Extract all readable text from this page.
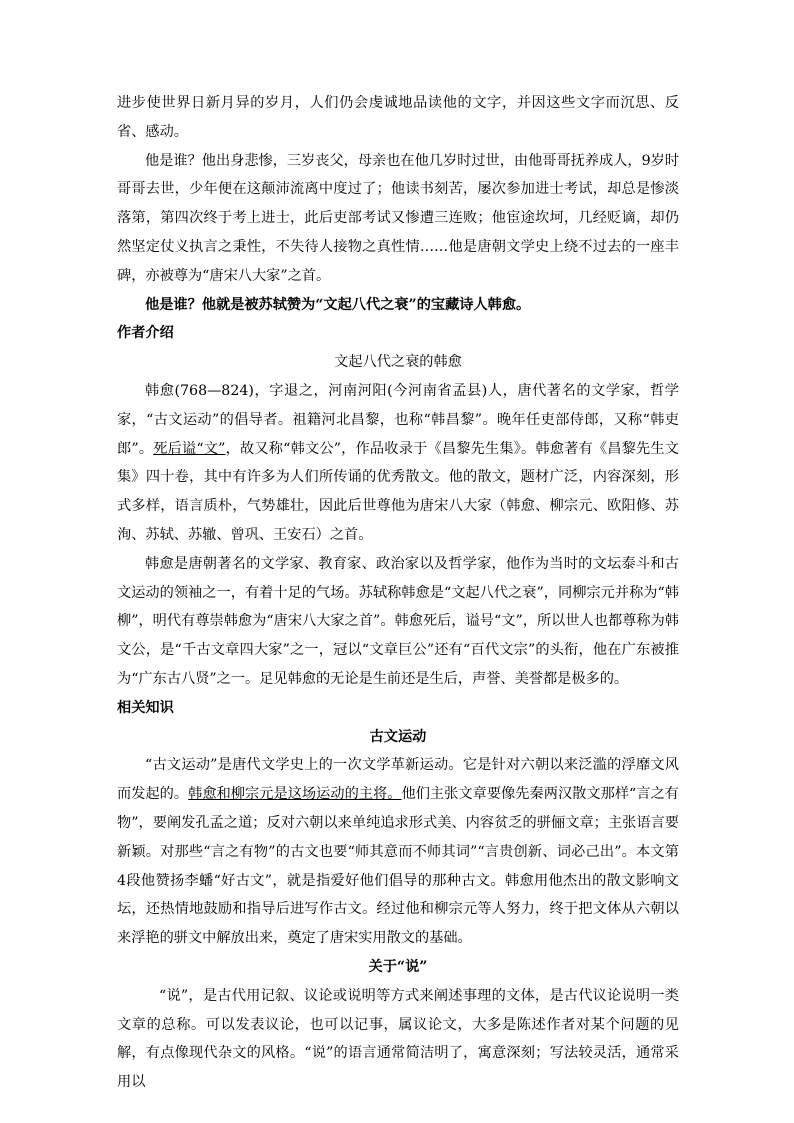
进步使世界日新月异的岁月，人们仍会虔诚地品读他的文字，并因这些文字而沉思、反省、感动。

他是谁？他出身悲惨，三岁丧父，母亲也在他几岁时过世，由他哥哥抚养成人，9岁时哥哥去世，少年便在这颠沛流离中度过了；他读书刻苦，屡次参加进士考试，却总是惨淡落第，第四次终于考上进士，此后吏部考试又惨遭三连败；他宦途坎坷，几经贬谪，却仍然坚定仗义执言之秉性，不失待人接物之真性情……他是唐朝文学史上绕不过去的一座丰碑，亦被尊为“唐宋八大家”之首。

他是谁？他就是被苏轼赞为“文起八代之衰”的宝藏诗人韩愈。

作者介绍

文起八代之衰的韩愈

韩愈(768—824)，字退之，河南河阳(今河南省孟县)人，唐代著名的文学家，哲学家，“古文运动”的倡导者。祖籍河北昌黎，也称“韩昌黎”。晚年任吏部侍郎，又称“韩吏郎”。死后谥“文”，故又称“韩文公”，作品收录于《昌黎先生集》。韩愈著有《昌黎先生文集》四十卷，其中有许多为人们所传诵的优秀散文。他的散文，题材广泛，内容深刻，形式多样，语言质朴，气势雄壮，因此后世尊他为唐宋八大家（韩愈、柳宗元、欧阳修、苏洵、苏轼、苏辙、曾巩、王安石）之首。

韩愈是唐朝著名的文学家、教育家、政治家以及哲学家，他作为当时的文坛泰斗和古文运动的领袖之一，有着十足的气场。苏轼称韩愈是“文起八代之衰”，同柳宗元并称为“韩柳”，明代有尊崇韩愈为“唐宋八大家之首”。韩愈死后，谥号“文”，所以世人也都尊称为韩文公，是“千古文章四大家”之一，冠以“文章巨公”还有“百代文宗”的头衔，他在广东被推为“广东古八贤”之一。足见韩愈的无论是生前还是生后，声誉、美誉都是极多的。

相关知识

古文运动

“古文运动”是唐代文学史上的一次文学革新运动。它是针对六朝以来泛滥的浮靡文风而发起的。韩愈和柳宗元是这场运动的主将。他们主张文章要像先秦两汉散文那样“言之有物”，要阐发孔孟之道；反对六朝以来单纯追求形式美、内容贫乏的骈俪文章；主张语言要新颖。对那些“言之有物”的古文也要“师其意而不师其词”“言贵创新、词必己出”。本文第4段他赞扬李蟠“好古文”，就是指爱好他们倡导的那种古文。韩愈用他杰出的散文影响文坛，还热情地鼓励和指导后进写作古文。经过他和柳宗元等人努力，终于把文体从六朝以来浮艳的骈文中解放出来，奠定了唐宋实用散文的基础。

关于“说”

“说”，是古代用记叙、议论或说明等方式来阐述事理的文体，是古代议论说明一类文章的总称。可以发表议论，也可以记事，属议论文，大多是陈述作者对某个问题的见解，有点像现代杂文的风格。“说”的语言通常简洁明了，寓意深刻；写法较灵活，通常采用以
